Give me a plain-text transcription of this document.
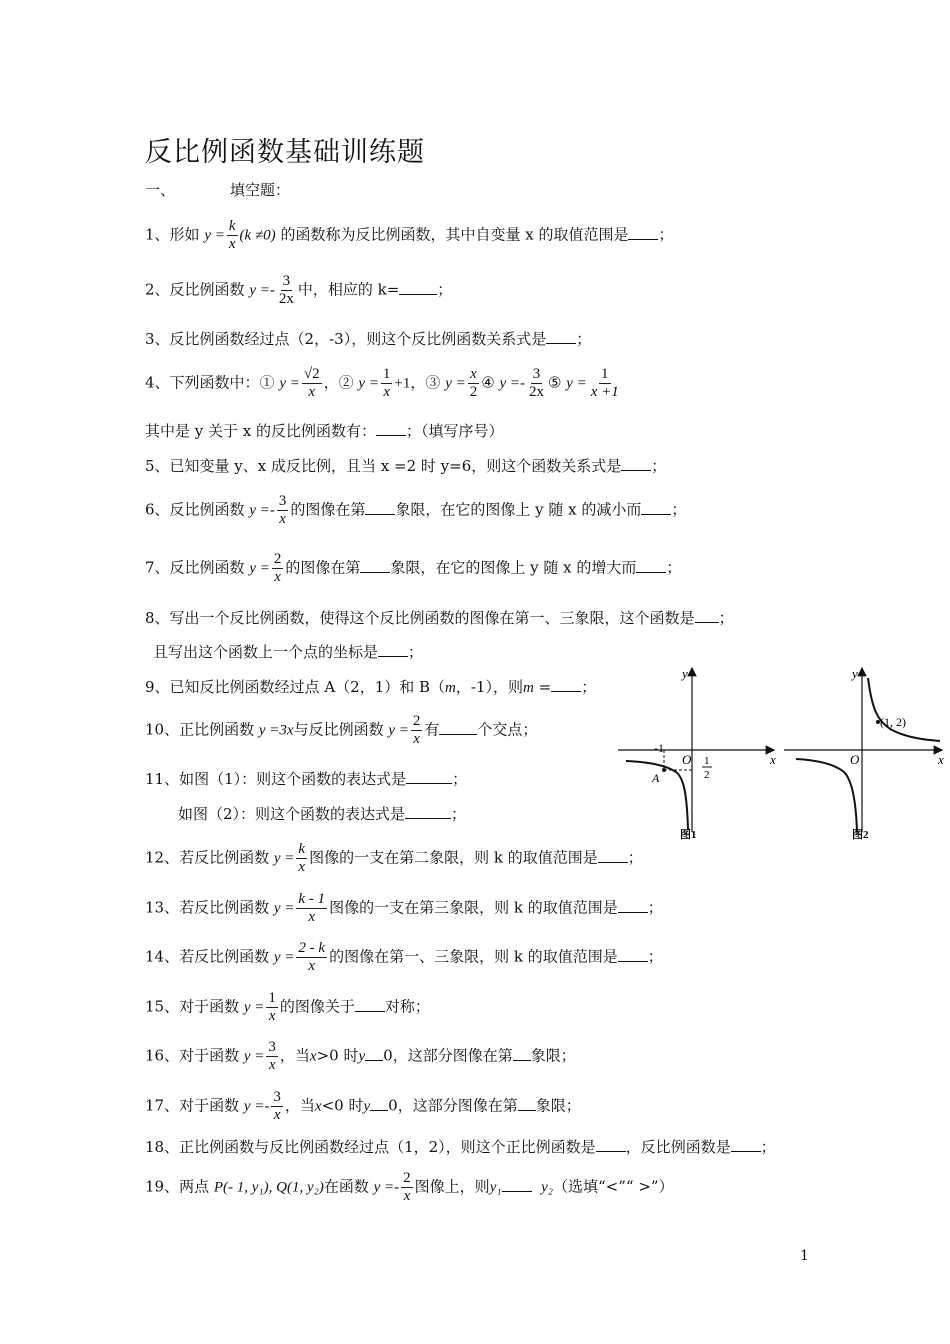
反比例函数基础训练题
一、	填空题：
1、形如 $y = \frac{k}{x} (k \ne 0)$ 的函数称为反比例函数，其中自变量 x 的取值范围是 ；
2、反比例函数 $y =- \frac{3}{2x}$ 中，相应的 k=	；
3、反比例函数经过点（2，-3），则这个反比例函数关系式是 ；
4、下列函数中：① $y = \frac{√2}{x}$ ，② $y = \frac{1}{x} +1$，③ $y = \frac{x}{2}$ ④ $y =- \frac{3}{2x}$ ⑤ $y = \frac{1}{x +1}$
其中是 y 关于 x 的反比例函数有： ；（填写序号）
5、已知变量 y、x 成反比例，且当 x =2 时 y=6，则这个函数关系式是 ；
6、反比例函数 $y =- \frac{3}{x}$ 的图像在第 象限，在它的图像上 y 随 x 的减小而 ；
7、反比例函数 $y = \frac{2}{x}$ 的图像在第 象限，在它的图像上 y 随 x 的增大而 ；
8、写出一个反比例函数，使得这个反比例函数的图像在第一、三象限，这个函数是 ；
且写出这个函数上一个点的坐标是 ；
9、已知反比例函数经过点 A（2，1）和 B（m，-1），则m = ；
10、正比例函数 y =3x与反比例函数 $y = \frac{2}{x}$ 有	个交点；
11、如图（1）：则这个函数的表达式是	；
如图（2）：则这个函数的表达式是	；
x
y
O
-1
A
1
2
图1
(1, 2)
x
y
O
图2
12、若反比例函数 $y = \frac{k}{x}$ 图像的一支在第二象限，则 k 的取值范围是 ；
13、若反比例函数 $y = \frac{k - 1}{x}$ 图像的一支在第三象限，则 k 的取值范围是 ；
14、若反比例函数 $y = \frac{2 - k}{x}$ 的图像在第一、三象限，则 k 的取值范围是 ；
15、对于函数 $y = \frac{1}{x}$ 的图像关于 对称；
16、对于函数 $y = \frac{3}{x}$ ，当x>0 时y 0，这部分图像在第 象限；
17、对于函数 $y =- \frac{3}{x}$ ，当x<0 时y 0，这部分图像在第 象限；
18、正比例函数与反比例函数经过点（1，2），则这个正比例函数是 ，反比例函数是 ；
19、两点 P(- 1, y₁), Q(1, y₂)在函数 $y =- \frac{2}{x}$ 图像上，则y₁	y₂（选填“<”“ >”）
1
